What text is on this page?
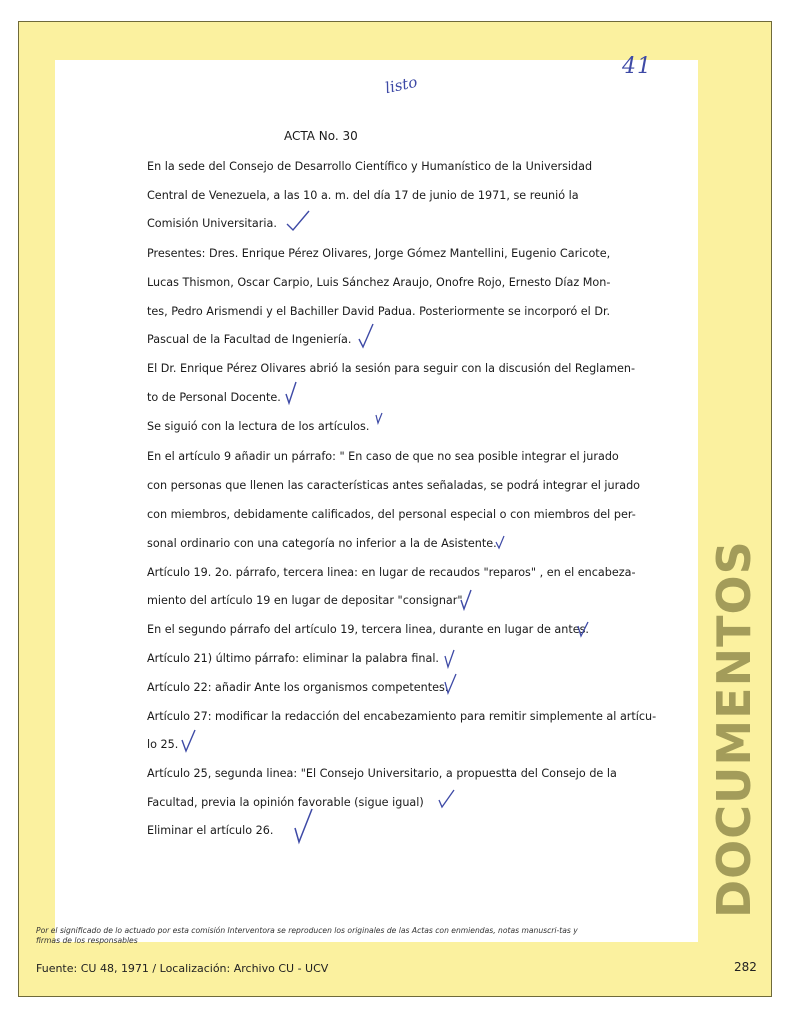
41
listo
ACTA No. 30
En la sede del Consejo de Desarrollo Científico y Humanístico de la Universidad
Central de Venezuela, a las 10 a. m. del día 17 de junio de 1971, se reunió la
Comisión Universitaria.
Presentes: Dres. Enrique Pérez Olivares, Jorge Gómez Mantellini, Eugenio Caricote,
Lucas Thismon, Oscar Carpio, Luis Sánchez Araujo, Onofre Rojo, Ernesto Díaz Mon-
tes, Pedro Arismendi y el Bachiller David Padua. Posteriormente se incorporó el Dr.
Pascual de la Facultad de Ingeniería.
El Dr. Enrique Pérez Olivares abrió la sesión para seguir con la discusión del Reglamen-
to de Personal Docente.
Se siguió con la lectura de los artículos.
En el artículo 9 añadir un párrafo: " En caso de que no sea posible integrar el jurado
con personas que llenen las características antes señaladas, se podrá integrar el jurado
con miembros, debidamente calificados, del personal especial o con miembros del per-
sonal ordinario con una categoría no inferior a la de Asistente.
Artículo 19. 2o. párrafo, tercera linea: en lugar de recaudos "reparos" , en el encabeza-
miento del artículo 19 en lugar de depositar "consignar"
En el segundo párrafo del artículo 19, tercera linea, durante en lugar de antes.
Artículo 21) último párrafo: eliminar la palabra final.
Artículo 22: añadir Ante los organismos competentes.
Artículo 27: modificar la redacción del encabezamiento para remitir simplemente al artícu-
lo 25.
Artículo 25, segunda linea: "El Consejo Universitario, a propuestta del Consejo de la
Facultad, previa la opinión favorable (sigue igual)
Eliminar el artículo 26.	DOCUMENTOS
Por el significado de lo actuado por esta comisión Interventora se reproducen los originales de las Actas con enmiendas, notas manuscri-tas y firmas de los responsables
Fuente: CU 48, 1971 / Localización: Archivo CU - UCV	282
